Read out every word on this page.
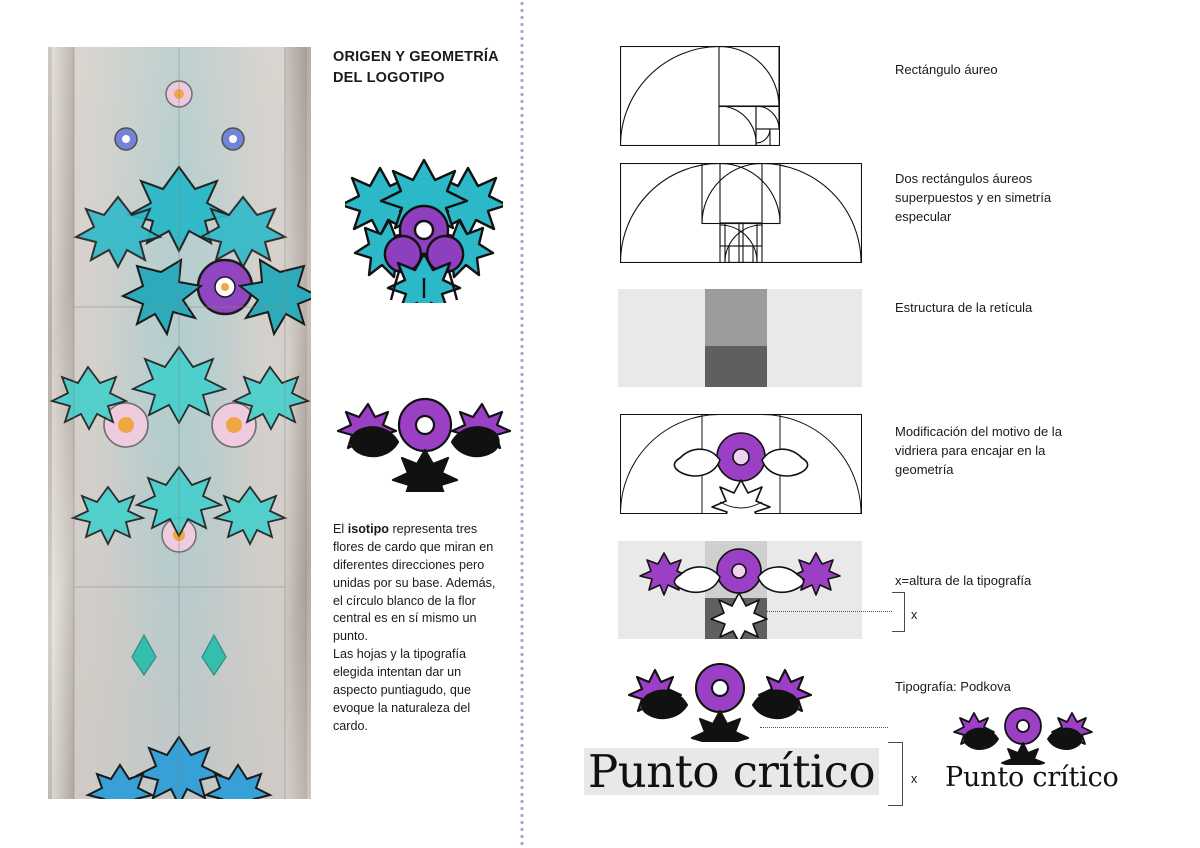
ORIGEN Y GEOMETRÍA
DEL LOGOTIPO
El isotipo representa tres flores de cardo que miran en diferentes direcciones pero unidas por su base. Además, el círculo blanco de la flor central es en sí mismo un punto.
Las hojas y la tipografía elegida intentan dar un aspecto puntiagudo, que evoque la naturaleza del cardo.
Punto crítico
x
x Punto crítico
Rectángulo áureo
Dos rectángulos áureos superpuestos y en simetría especular
Estructura de la retícula
Modificación del motivo de la vidriera para encajar en la geometría
x=altura de la tipografía
Tipografía: Podkova
